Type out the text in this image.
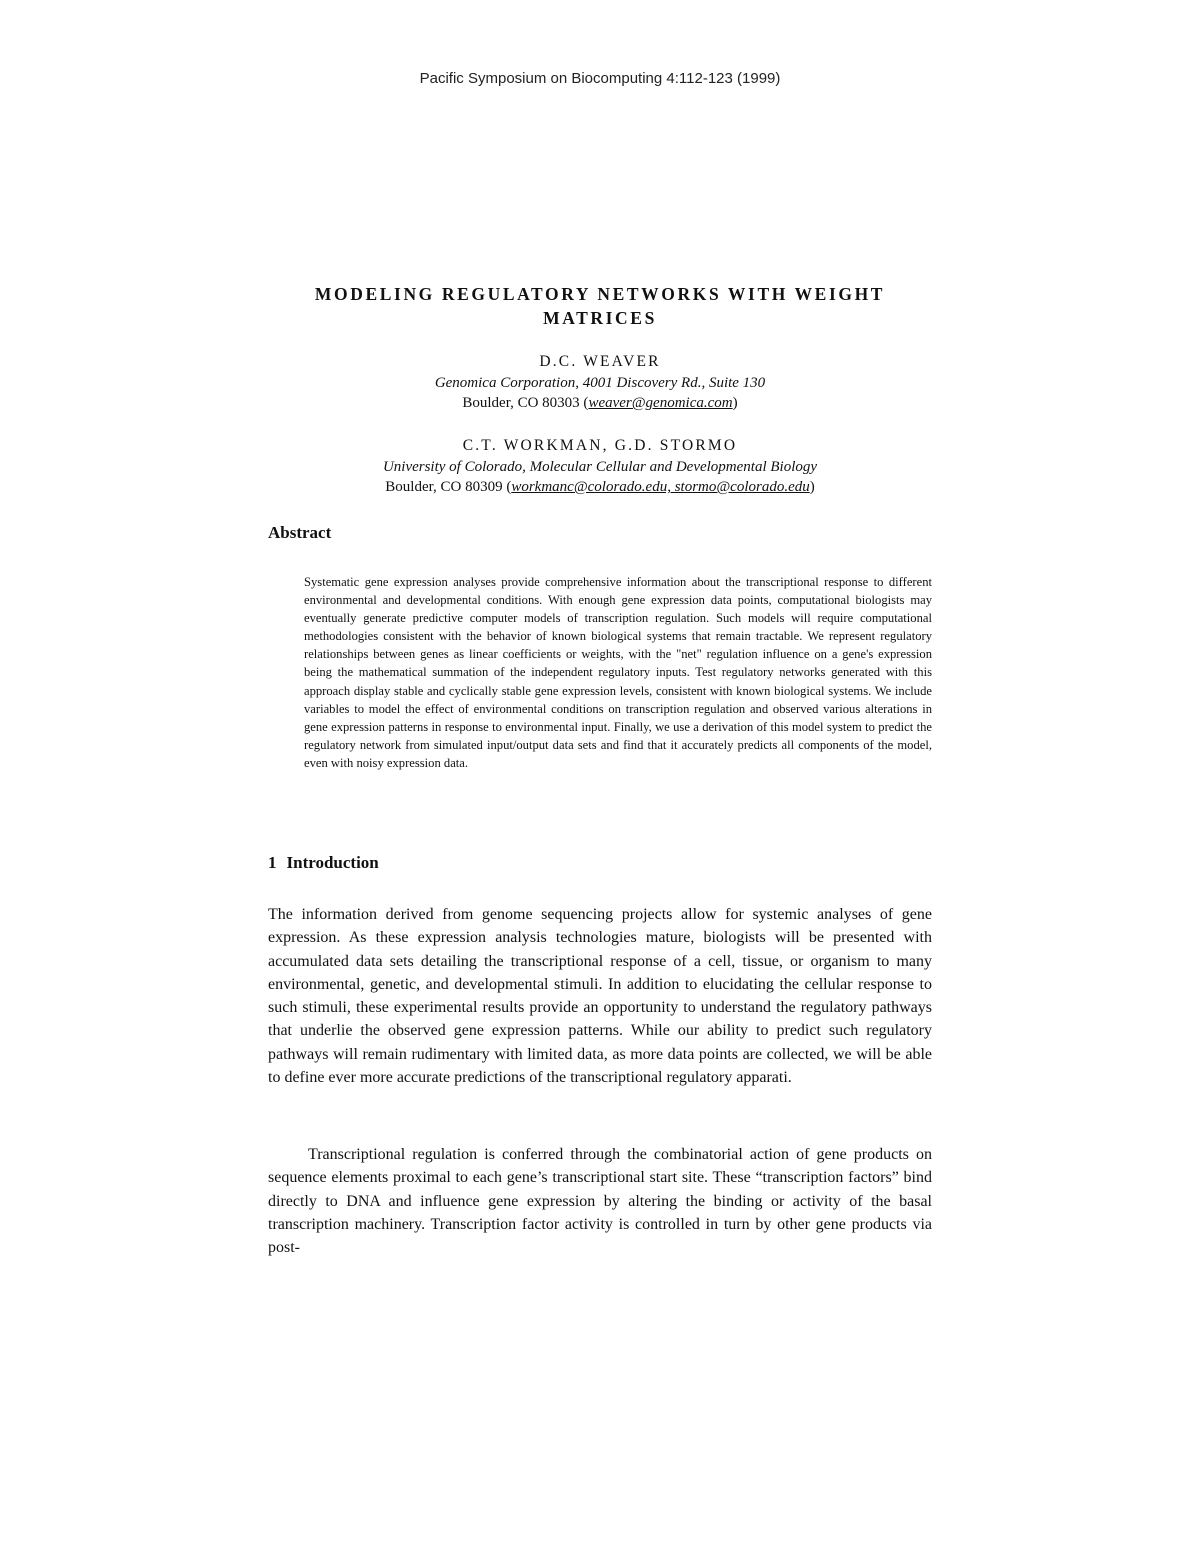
Pacific Symposium on Biocomputing 4:112-123 (1999)
MODELING REGULATORY NETWORKS WITH WEIGHT MATRICES
D.C. WEAVER
Genomica Corporation, 4001 Discovery Rd., Suite 130
Boulder, CO 80303 (weaver@genomica.com)
C.T. WORKMAN, G.D. STORMO
University of Colorado, Molecular Cellular and Developmental Biology
Boulder, CO 80309 (workmanc@colorado.edu, stormo@colorado.edu)
Abstract

Systematic gene expression analyses provide comprehensive information about the transcriptional response to different environmental and developmental conditions. With enough gene expression data points, computational biologists may eventually generate predictive computer models of transcription regulation. Such models will require computational methodologies consistent with the behavior of known biological systems that remain tractable. We represent regulatory relationships between genes as linear coefficients or weights, with the "net" regulation influence on a gene's expression being the mathematical summation of the independent regulatory inputs. Test regulatory networks generated with this approach display stable and cyclically stable gene expression levels, consistent with known biological systems. We include variables to model the effect of environmental conditions on transcription regulation and observed various alterations in gene expression patterns in response to environmental input. Finally, we use a derivation of this model system to predict the regulatory network from simulated input/output data sets and find that it accurately predicts all components of the model, even with noisy expression data.

1 Introduction

The information derived from genome sequencing projects allow for systemic analyses of gene expression. As these expression analysis technologies mature, biologists will be presented with accumulated data sets detailing the transcriptional response of a cell, tissue, or organism to many environmental, genetic, and developmental stimuli. In addition to elucidating the cellular response to such stimuli, these experimental results provide an opportunity to understand the regulatory pathways that underlie the observed gene expression patterns. While our ability to predict such regulatory pathways will remain rudimentary with limited data, as more data points are collected, we will be able to define ever more accurate predictions of the transcriptional regulatory apparati.

Transcriptional regulation is conferred through the combinatorial action of gene products on sequence elements proximal to each gene’s transcriptional start site. These “transcription factors” bind directly to DNA and influence gene expression by altering the binding or activity of the basal transcription machinery. Transcription factor activity is controlled in turn by other gene products via post-
